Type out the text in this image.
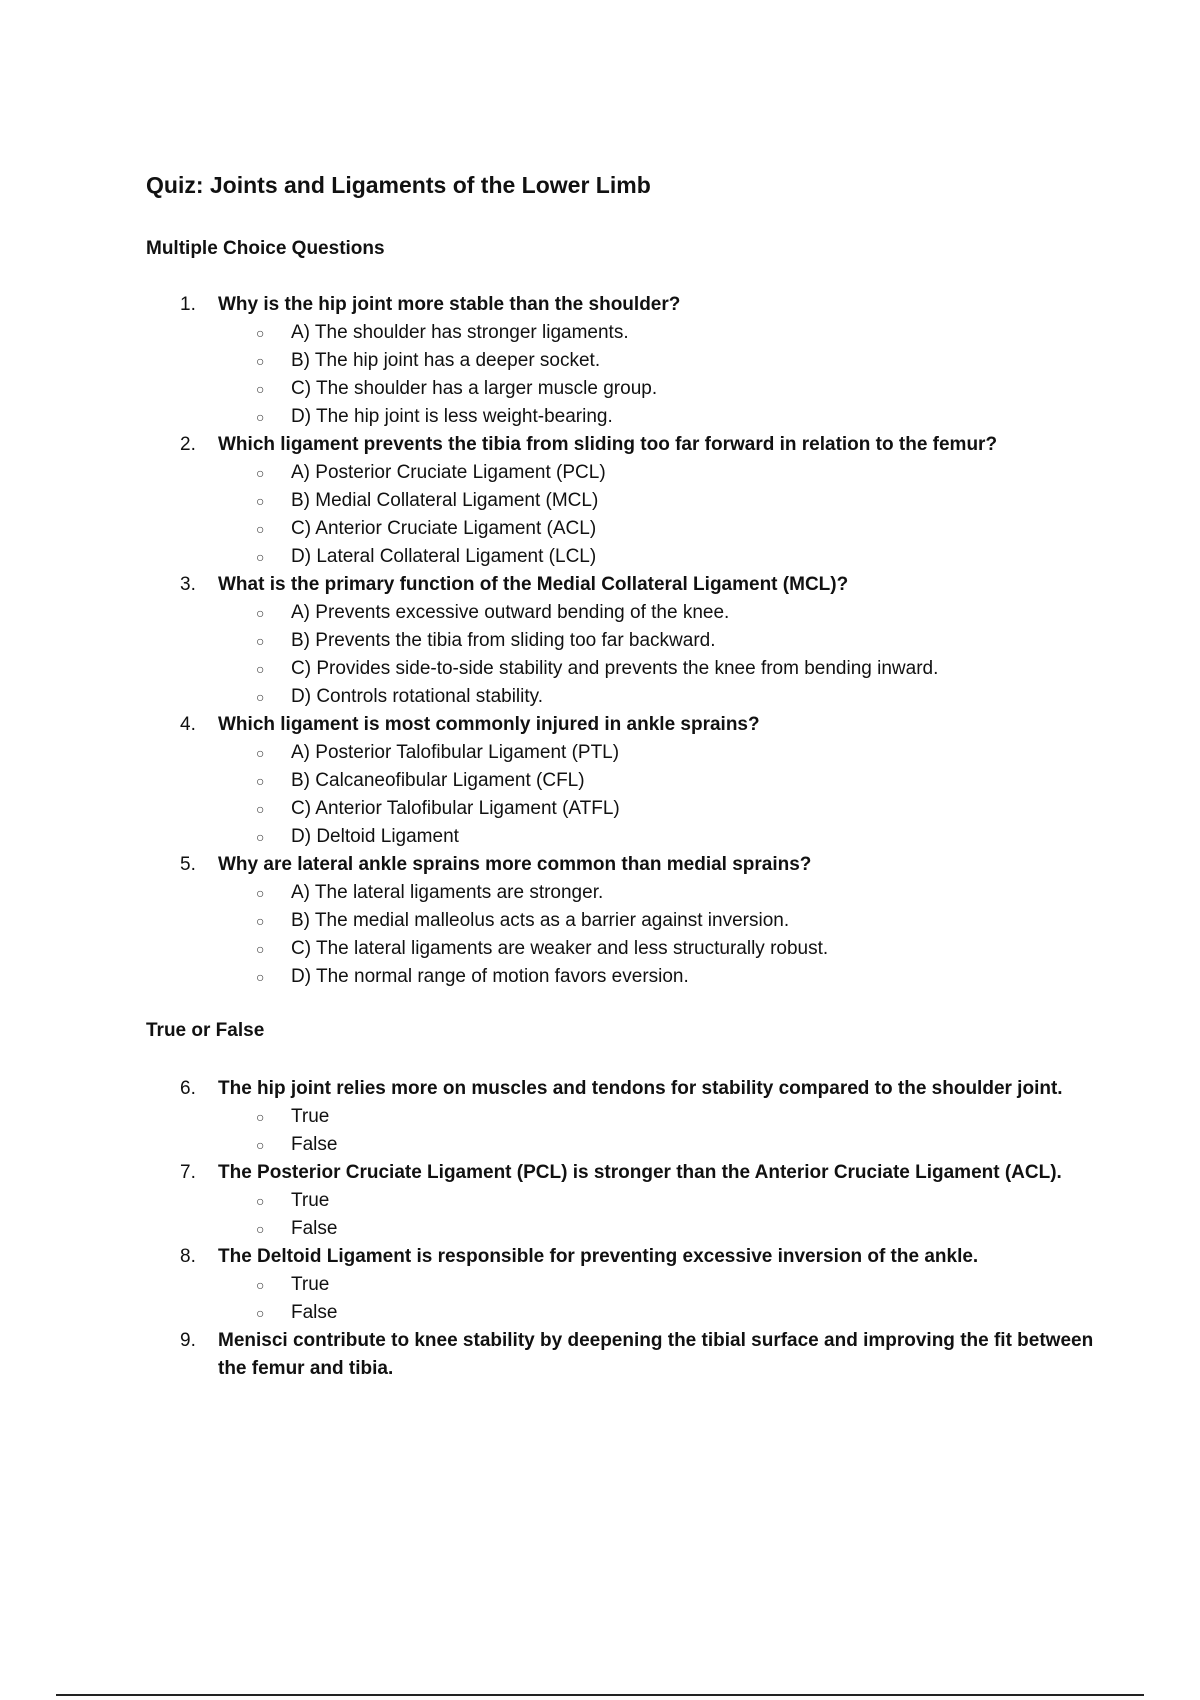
Quiz: Joints and Ligaments of the Lower Limb
Multiple Choice Questions
1. Why is the hip joint more stable than the shoulder?
○ A) The shoulder has stronger ligaments.
○ B) The hip joint has a deeper socket.
○ C) The shoulder has a larger muscle group.
○ D) The hip joint is less weight-bearing.
2. Which ligament prevents the tibia from sliding too far forward in relation to the femur?
○ A) Posterior Cruciate Ligament (PCL)
○ B) Medial Collateral Ligament (MCL)
○ C) Anterior Cruciate Ligament (ACL)
○ D) Lateral Collateral Ligament (LCL)
3. What is the primary function of the Medial Collateral Ligament (MCL)?
○ A) Prevents excessive outward bending of the knee.
○ B) Prevents the tibia from sliding too far backward.
○ C) Provides side-to-side stability and prevents the knee from bending inward.
○ D) Controls rotational stability.
4. Which ligament is most commonly injured in ankle sprains?
○ A) Posterior Talofibular Ligament (PTL)
○ B) Calcaneofibular Ligament (CFL)
○ C) Anterior Talofibular Ligament (ATFL)
○ D) Deltoid Ligament
5. Why are lateral ankle sprains more common than medial sprains?
○ A) The lateral ligaments are stronger.
○ B) The medial malleolus acts as a barrier against inversion.
○ C) The lateral ligaments are weaker and less structurally robust.
○ D) The normal range of motion favors eversion.
True or False
6. The hip joint relies more on muscles and tendons for stability compared to the shoulder joint.
○ True
○ False
7. The Posterior Cruciate Ligament (PCL) is stronger than the Anterior Cruciate Ligament (ACL).
○ True
○ False
8. The Deltoid Ligament is responsible for preventing excessive inversion of the ankle.
○ True
○ False
9. Menisci contribute to knee stability by deepening the tibial surface and improving the fit between the femur and tibia.
